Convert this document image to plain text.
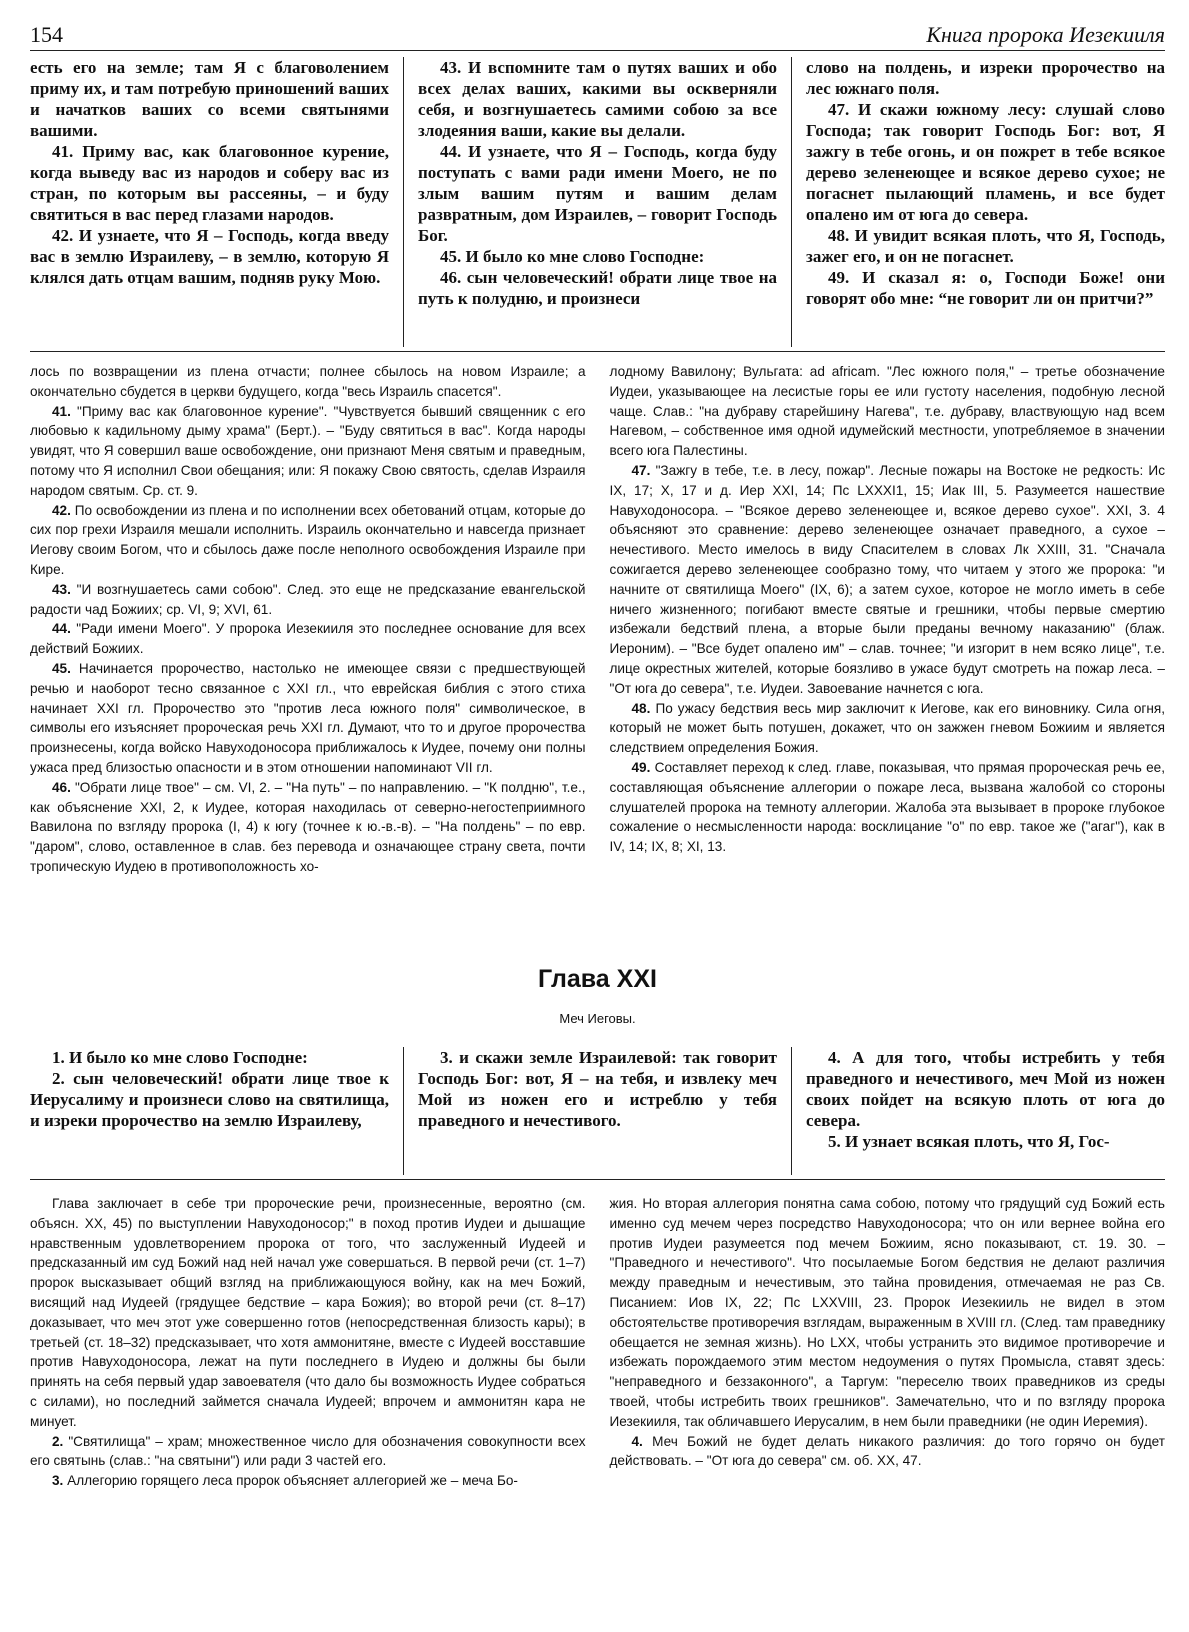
154	Книга пророка Иезекииля

есть его на земле; там Я с благоволением приму их, и там потребую приношений ваших и начатков ваших со всеми святынями вашими.

41. Приму вас, как благовонное курение, когда выведу вас из народов и соберу вас из стран, по которым вы рассеяны, – и буду святиться в вас перед глазами народов.

42. И узнаете, что Я – Господь, когда введу вас в землю Израилеву, – в землю, которую Я клялся дать отцам вашим, подняв руку Мою.

43. И вспомните там о путях ваших и обо всех делах ваших, какими вы оскверняли себя, и возгнушаетесь самими собою за все злодеяния ваши, какие вы делали.

44. И узнаете, что Я – Господь, когда буду поступать с вами ради имени Моего, не по злым вашим путям и вашим делам развратным, дом Израилев, – говорит Господь Бог.

45. И было ко мне слово Господне:

46. сын человеческий! обрати лице твое на путь к полудню, и произнеси

слово на полдень, и изреки пророчество на лес южнаго поля.

47. И скажи южному лесу: слушай слово Господа; так говорит Господь Бог: вот, Я зажгу в тебе огонь, и он пожрет в тебе всякое дерево зеленеющее и всякое дерево сухое; не погаснет пылающий пламень, и все будет опалено им от юга до севера.

48. И увидит всякая плоть, что Я, Господь, зажег его, и он не погаснет.

49. И сказал я: о, Господи Боже! они говорят обо мне: “не говорит ли он притчи?”

лось по возвращении из плена отчасти; полнее сбылось на новом Израиле; а окончательно сбудется в церкви будущего, когда "весь Израиль спасется".

41. "Приму вас как благовонное курение". "Чувствуется бывший священник с его любовью к кадильному дыму храма" (Берт.). – "Буду святиться в вас". Когда народы увидят, что Я совершил ваше освобождение, они признают Меня святым и праведным, потому что Я исполнил Свои обещания; или: Я покажу Свою святость, сделав Израиля народом святым. Ср. ст. 9.

42. По освобождении из плена и по исполнении всех обетований отцам, которые до сих пор грехи Израиля мешали исполнить. Израиль окончательно и навсегда признает Иегову своим Богом, что и сбылось даже после неполного освобождения Израиле при Кире.

43. "И возгнушаетесь сами собою". След. это еще не предсказание евангельской радости чад Божиих; ср. VI, 9; XVI, 61.

44. "Ради имени Моего". У пророка Иезекииля это последнее основание для всех действий Божиих.

45. Начинается пророчество, настолько не имеющее связи с предшествующей речью и наоборот тесно связанное с XXI гл., что еврейская библия с этого стиха начинает XXI гл. Пророчество это "против леса южного поля" символическое, в символы его изъясняет пророческая речь XXI гл. Думают, что то и другое пророчества произнесены, когда войско Навуходоносора приближалось к Иудее, почему они полны ужаса пред близостью опасности и в этом отношении напоминают VII гл.

46. "Обрати лице твое" – см. VI, 2. – "На путь" – по направлению. – "К полдню", т.е., как объяснение XXI, 2, к Иудее, которая находилась от северно-негостеприимного Вавилона по взгляду пророка (I, 4) к югу (точнее к ю.-в.-в). – "На полдень" – по евр. "даром", слово, оставленное в слав. без перевода и означающее страну света, почти тропическую Иудею в противоположность хо-

лодному Вавилону; Вульгата: ad africam. "Лес южного поля," – третье обозначение Иудеи, указывающее на лесистые горы ее или густоту населения, подобную лесной чаще. Слав.: "на дубраву старейшину Нагева", т.е. дубраву, властвующую над всем Нагевом, – собственное имя одной идумейский местности, употребляемое в значении всего юга Палестины.

47. "Зажгу в тебе, т.е. в лесу, пожар". Лесные пожары на Востоке не редкость: Ис IX, 17; X, 17 и д. Иер XXI, 14; Пс LXXXI1, 15; Иак III, 5. Разумеется нашествие Навуходоносора. – "Всякое дерево зеленеющее и, всякое дерево сухое". XXI, 3. 4 объясняют это сравнение: дерево зеленеющее означает праведного, а сухое – нечестивого. Место имелось в виду Спасителем в словах Лк XXIII, 31. "Сначала сожигается дерево зеленеющее сообразно тому, что читаем у этого же пророка: "и начните от святилища Моего" (IX, 6); а затем сухое, которое не могло иметь в себе ничего жизненного; погибают вместе святые и грешники, чтобы первые смертию избежали бедствий плена, а вторые были преданы вечному наказанию" (блаж. Иероним). – "Все будет опалено им" – слав. точнее; "и изгорит в нем всяко лице", т.е. лице окрестных жителей, которые боязливо в ужасе будут смотреть на пожар леса. – "От юга до севера", т.е. Иудеи. Завоевание начнется с юга.

48. По ужасу бедствия весь мир заключит к Иегове, как его виновнику. Сила огня, который не может быть потушен, докажет, что он зажжен гневом Божиим и является следствием определения Божия.

49. Составляет переход к след. главе, показывая, что прямая пророческая речь ее, составляющая объяснение аллегории о пожаре леса, вызвана жалобой со стороны слушателей пророка на темноту аллегории. Жалоба эта вызывает в пророке глубокое сожаление о несмысленности народа: восклицание "о" по евр. такое же ("агаг"), как в IV, 14; IX, 8; XI, 13.

Глава XXI
Меч Иеговы.

1. И было ко мне слово Господне:

2. сын человеческий! обрати лице твое к Иерусалиму и произнеси слово на святилища, и изреки пророчество на землю Израилеву,

3. и скажи земле Израилевой: так говорит Господь Бог: вот, Я – на тебя, и извлеку меч Мой из ножен его и истреблю у тебя праведного и нечестивого.

4. А для того, чтобы истребить у тебя праведного и нечестивого, меч Мой из ножен своих пойдет на всякую плоть от юга до севера.

5. И узнает всякая плоть, что Я, Гос-

Глава заключает в себе три пророческие речи, произнесенные, вероятно (см. объясн. XX, 45) по выступлении Навуходоносор;" в поход против Иудеи и дышащие нравственным удовлетворением пророка от того, что заслуженный Иудеей и предсказанный им суд Божий над ней начал уже совершаться. В первой речи (ст. 1–7) пророк высказывает общий взгляд на приближающуюся войну, как на меч Божий, висящий над Иудеей (грядущее бедствие – кара Божия); во второй речи (ст. 8–17) доказывает, что меч этот уже совершенно готов (непосредственная близость кары); в третьей (ст. 18–32) предсказывает, что хотя аммонитяне, вместе с Иудеей восставшие против Навуходоносора, лежат на пути последнего в Иудею и должны бы были принять на себя первый удар завоевателя (что дало бы возможность Иудее собраться с силами), но последний займется сначала Иудеей; впрочем и аммонитян кара не минует.

2. "Святилища" – храм; множественное число для обозначения совокупности всех его святынь (слав.: "на святыни") или ради 3 частей его.

3. Аллегорию горящего леса пророк объясняет аллегорией же – меча Бо-

жия. Но вторая аллегория понятна сама собою, потому что грядущий суд Божий есть именно суд мечем через посредство Навуходоносора; что он или вернее война его против Иудеи разумеется под мечем Божиим, ясно показывают, ст. 19. 30. – "Праведного и нечестивого". Что посылаемые Богом бедствия не делают различия между праведным и нечестивым, это тайна провидения, отмечаемая не раз Св. Писанием: Иов IX, 22; Пс LXXVIII, 23. Пророк Иезекииль не видел в этом обстоятельстве противоречия взглядам, выраженным в XVIII гл. (След. там праведнику обещается не земная жизнь). Но LXX, чтобы устранить это видимое противоречие и избежать порождаемого этим местом недоумения о путях Промысла, ставят здесь: "неправедного и беззаконного", а Таргум: "переселю твоих праведников из среды твоей, чтобы истребить твоих грешников". Замечательно, что и по взгляду пророка Иезекииля, так обличавшего Иерусалим, в нем были праведники (не один Иеремия).

4. Меч Божий не будет делать никакого различия: до того горячо он будет действовать. – "От юга до севера" см. об. XX, 47.
